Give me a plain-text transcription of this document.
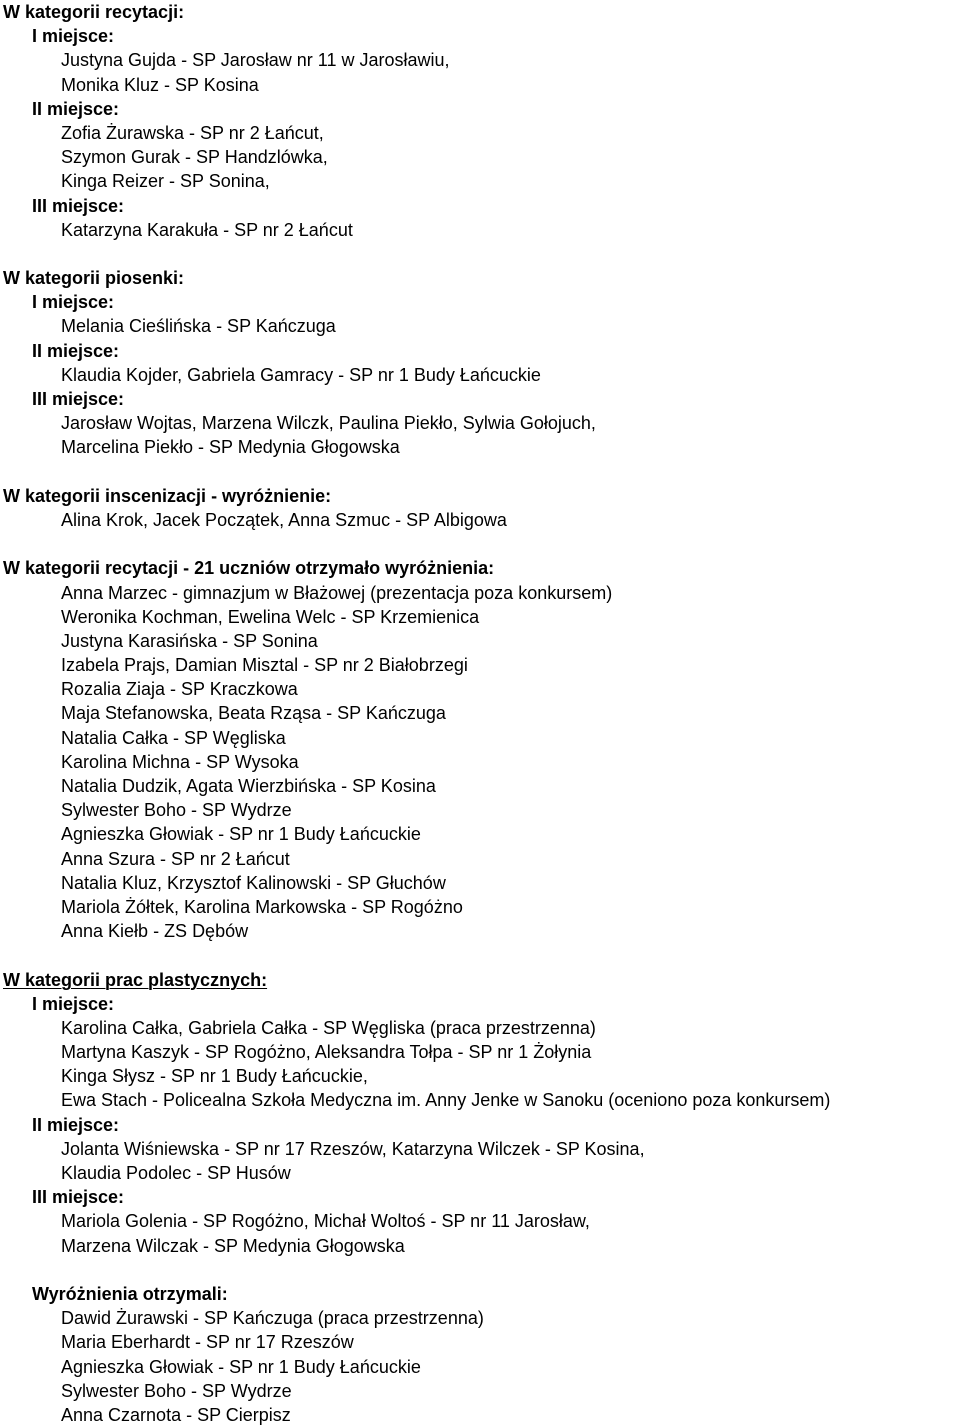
W kategorii recytacji:
I miejsce:
Justyna Gujda - SP Jarosław nr 11 w Jarosławiu,
Monika Kluz - SP Kosina
II miejsce:
Zofia Żurawska - SP nr 2 Łańcut,
Szymon Gurak - SP Handzlówka,
Kinga Reizer - SP Sonina,
III miejsce:
Katarzyna Karakuła - SP nr 2 Łańcut
W kategorii piosenki:
I miejsce:
Melania Cieślińska - SP Kańczuga
II miejsce:
Klaudia Kojder, Gabriela Gamracy - SP nr 1 Budy Łańcuckie
III miejsce:
Jarosław Wojtas, Marzena Wilczk, Paulina Piekło, Sylwia Gołojuch,
Marcelina Piekło - SP Medynia Głogowska
W kategorii inscenizacji - wyróżnienie:
Alina Krok, Jacek Początek, Anna Szmuc - SP Albigowa
W kategorii recytacji - 21 uczniów otrzymało wyróżnienia:
Anna Marzec - gimnazjum w Błażowej (prezentacja poza konkursem)
Weronika Kochman, Ewelina Welc - SP Krzemienica
Justyna Karasińska - SP Sonina
Izabela Prajs, Damian Misztal - SP nr 2 Białobrzegi
Rozalia Ziaja - SP Kraczkowa
Maja Stefanowska, Beata Rząsa - SP Kańczuga
Natalia Całka - SP Węgliska
Karolina Michna - SP Wysoka
Natalia Dudzik, Agata Wierzbińska - SP Kosina
Sylwester Boho - SP Wydrze
Agnieszka Głowiak - SP nr 1 Budy Łańcuckie
Anna Szura - SP nr 2 Łańcut
Natalia Kluz, Krzysztof Kalinowski - SP Głuchów
Mariola Żółtek, Karolina Markowska - SP Rogóżno
Anna Kiełb - ZS Dębów
W kategorii prac plastycznych:
I miejsce:
Karolina Całka, Gabriela Całka - SP Węgliska (praca przestrzenna)
Martyna Kaszyk - SP Rogóżno, Aleksandra Tołpa - SP nr 1 Żołynia
Kinga Słysz - SP nr 1 Budy Łańcuckie,
Ewa Stach - Policealna Szkoła Medyczna im. Anny Jenke w Sanoku (oceniono poza konkursem)
II miejsce:
Jolanta Wiśniewska - SP nr 17 Rzeszów, Katarzyna Wilczek - SP Kosina,
Klaudia Podolec - SP Husów
III miejsce:
Mariola Golenia - SP Rogóżno, Michał Woltoś - SP nr 11 Jarosław,
Marzena Wilczak - SP Medynia Głogowska
Wyróżnienia otrzymali:
Dawid Żurawski - SP Kańczuga (praca przestrzenna)
Maria Eberhardt - SP nr 17 Rzeszów
Agnieszka Głowiak - SP nr 1 Budy Łańcuckie
Sylwester Boho - SP Wydrze
Anna Czarnota - SP Cierpisz
